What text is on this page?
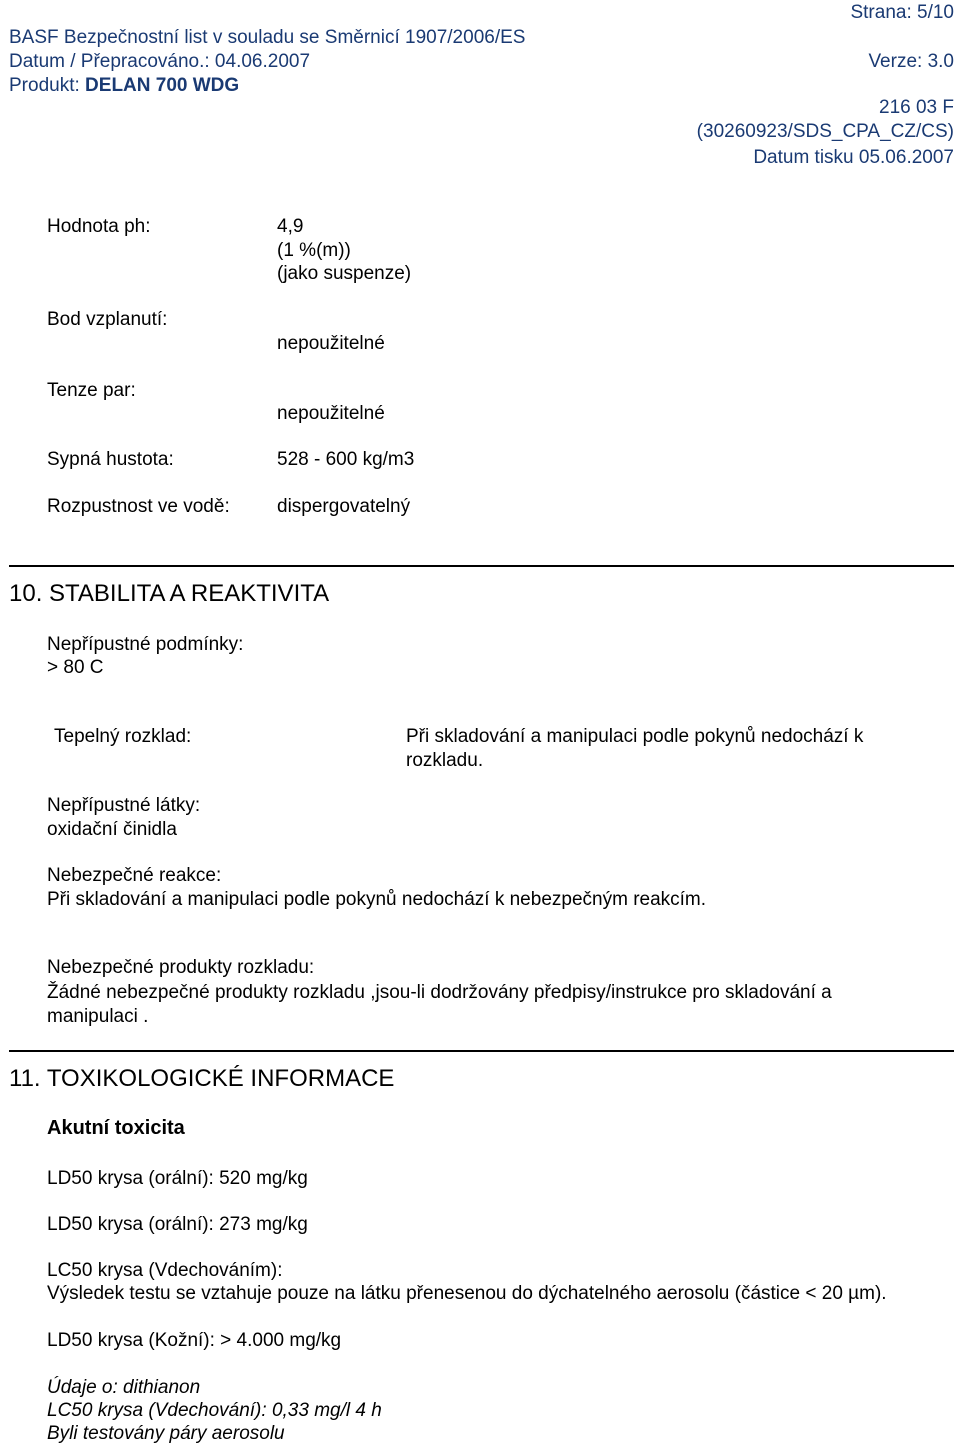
Strana: 5/10
BASF Bezpečnostní list v souladu se Směrnicí 1907/2006/ES
Datum / Přepracováno.: 04.06.2007	Verze: 3.0
Produkt: DELAN 700 WDG
216 03 F
(30260923/SDS_CPA_CZ/CS)
Datum tisku 05.06.2007
Hodnota ph:	4,9
(1 %(m))
(jako suspenze)
Bod vzplanutí:
nepoužitelné
Tenze par:
nepoužitelné
Sypná hustota:	528 - 600 kg/m3
Rozpustnost ve vodě: dispergovatelný
10. STABILITA A REAKTIVITA
Nepřípustné podmínky:
> 80 C
Tepelný rozklad:	Při skladování a manipulaci podle pokynů nedochází k
rozkladu.
Nepřípustné látky:
oxidační činidla
Nebezpečné reakce:
Při skladování a manipulaci podle pokynů nedochází k nebezpečným reakcím.
Nebezpečné produkty rozkladu:
Žádné nebezpečné produkty rozkladu ,jsou-li dodržovány předpisy/instrukce pro skladování a
manipulaci .
11. TOXIKOLOGICKÉ INFORMACE
Akutní toxicita
LD50 krysa (orální): 520 mg/kg
LD50 krysa (orální): 273 mg/kg
LC50 krysa (Vdechováním):
Výsledek testu se vztahuje pouze na látku přenesenou do dýchatelného aerosolu (částice < 20 µm).
LD50 krysa (Kožní): > 4.000 mg/kg
Údaje o: dithianon
LC50 krysa (Vdechování): 0,33 mg/l 4 h
Byli testovány páry aerosolu
